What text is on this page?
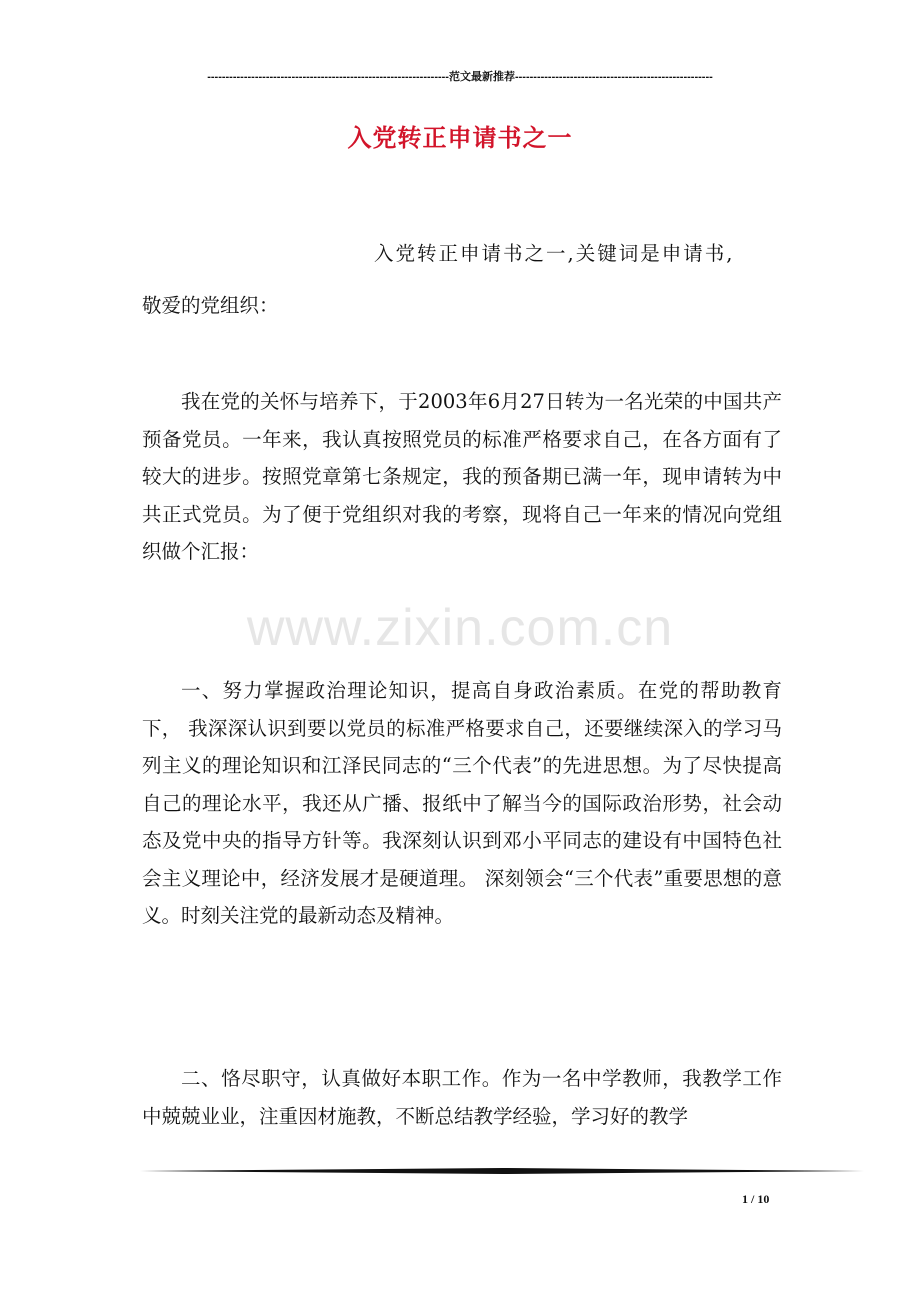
------------------------------------------------------------------范文最新推荐------------------------------------------------------
入党转正申请书之一
入党转正申请书之一,关键词是申请书,
敬爱的党组织：
www.zixin.com.cn

我在党的关怀与培养下，于2003年6月27日转为一名光荣的中国共产预备党员。一年来，我认真按照党员的标准严格要求自己，在各方面有了较大的进步。按照党章第七条规定，我的预备期已满一年，现申请转为中共正式党员。为了便于党组织对我的考察，现将自己一年来的情况向党组织做个汇报：

一、努力掌握政治理论知识，提高自身政治素质。在党的帮助教育下， 我深深认识到要以党员的标准严格要求自己，还要继续深入的学习马列主义的理论知识和江泽民同志的“三个代表”的先进思想。为了尽快提高自己的理论水平，我还从广播、报纸中了解当今的国际政治形势，社会动态及党中央的指导方针等。我深刻认识到邓小平同志的建设有中国特色社会主义理论中，经济发展才是硬道理。 深刻领会“三个代表”重要思想的意义。时刻关注党的最新动态及精神。

二、恪尽职守，认真做好本职工作。作为一名中学教师，我教学工作中兢兢业业，注重因材施教，不断总结教学经验，学习好的教学

1 / 10
